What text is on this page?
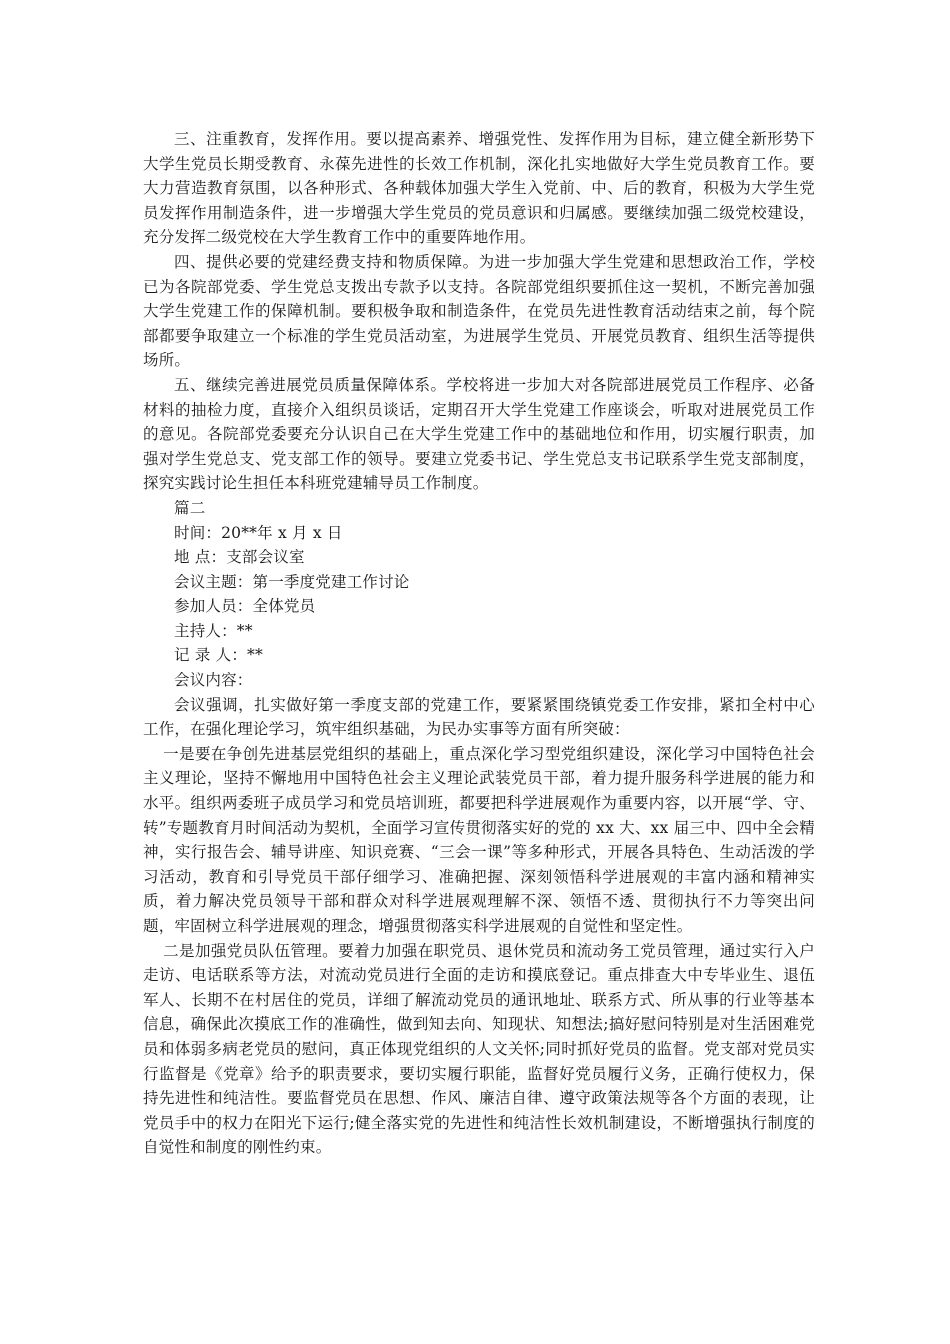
三、注重教育，发挥作用。要以提高素养、增强党性、发挥作用为目标，建立健全新形势下大学生党员长期受教育、永葆先进性的长效工作机制，深化扎实地做好大学生党员教育工作。要大力营造教育氛围，以各种形式、各种载体加强大学生入党前、中、后的教育，积极为大学生党员发挥作用制造条件，进一步增强大学生党员的党员意识和归属感。要继续加强二级党校建设，充分发挥二级党校在大学生教育工作中的重要阵地作用。

四、提供必要的党建经费支持和物质保障。为进一步加强大学生党建和思想政治工作，学校已为各院部党委、学生党总支拨出专款予以支持。各院部党组织要抓住这一契机，不断完善加强大学生党建工作的保障机制。要积极争取和制造条件，在党员先进性教育活动结束之前，每个院部都要争取建立一个标准的学生党员活动室，为进展学生党员、开展党员教育、组织生活等提供场所。

五、继续完善进展党员质量保障体系。学校将进一步加大对各院部进展党员工作程序、必备材料的抽检力度，直接介入组织员谈话，定期召开大学生党建工作座谈会，听取对进展党员工作的意见。各院部党委要充分认识自己在大学生党建工作中的基础地位和作用，切实履行职责，加强对学生党总支、党支部工作的领导。要建立党委书记、学生党总支书记联系学生党支部制度，探究实践讨论生担任本科班党建辅导员工作制度。

篇二

时间：20**年 x 月 x 日

地 点：支部会议室

会议主题：第一季度党建工作讨论

参加人员：全体党员

主持人：**

记 录 人：**

会议内容：

会议强调，扎实做好第一季度支部的党建工作，要紧紧围绕镇党委工作安排，紧扣全村中心工作，在强化理论学习，筑牢组织基础，为民办实事等方面有所突破：

一是要在争创先进基层党组织的基础上，重点深化学习型党组织建设，深化学习中国特色社会主义理论，坚持不懈地用中国特色社会主义理论武装党员干部，着力提升服务科学进展的能力和水平。组织两委班子成员学习和党员培训班，都要把科学进展观作为重要内容，以开展“学、守、转”专题教育月时间活动为契机，全面学习宣传贯彻落实好的党的 xx 大、xx 届三中、四中全会精神，实行报告会、辅导讲座、知识竞赛、“三会一课”等多种形式，开展各具特色、生动活泼的学习活动，教育和引导党员干部仔细学习、准确把握、深刻领悟科学进展观的丰富内涵和精神实质，着力解决党员领导干部和群众对科学进展观理解不深、领悟不透、贯彻执行不力等突出问题，牢固树立科学进展观的理念，增强贯彻落实科学进展观的自觉性和坚定性。

二是加强党员队伍管理。要着力加强在职党员、退休党员和流动务工党员管理，通过实行入户走访、电话联系等方法，对流动党员进行全面的走访和摸底登记。重点排查大中专毕业生、退伍军人、长期不在村居住的党员，详细了解流动党员的通讯地址、联系方式、所从事的行业等基本信息，确保此次摸底工作的准确性，做到知去向、知现状、知想法;搞好慰问特别是对生活困难党员和体弱多病老党员的慰问，真正体现党组织的人文关怀;同时抓好党员的监督。党支部对党员实行监督是《党章》给予的职责要求，要切实履行职能，监督好党员履行义务，正确行使权力，保持先进性和纯洁性。要监督党员在思想、作风、廉洁自律、遵守政策法规等各个方面的表现，让党员手中的权力在阳光下运行;健全落实党的先进性和纯洁性长效机制建设，不断增强执行制度的自觉性和制度的刚性约束。
